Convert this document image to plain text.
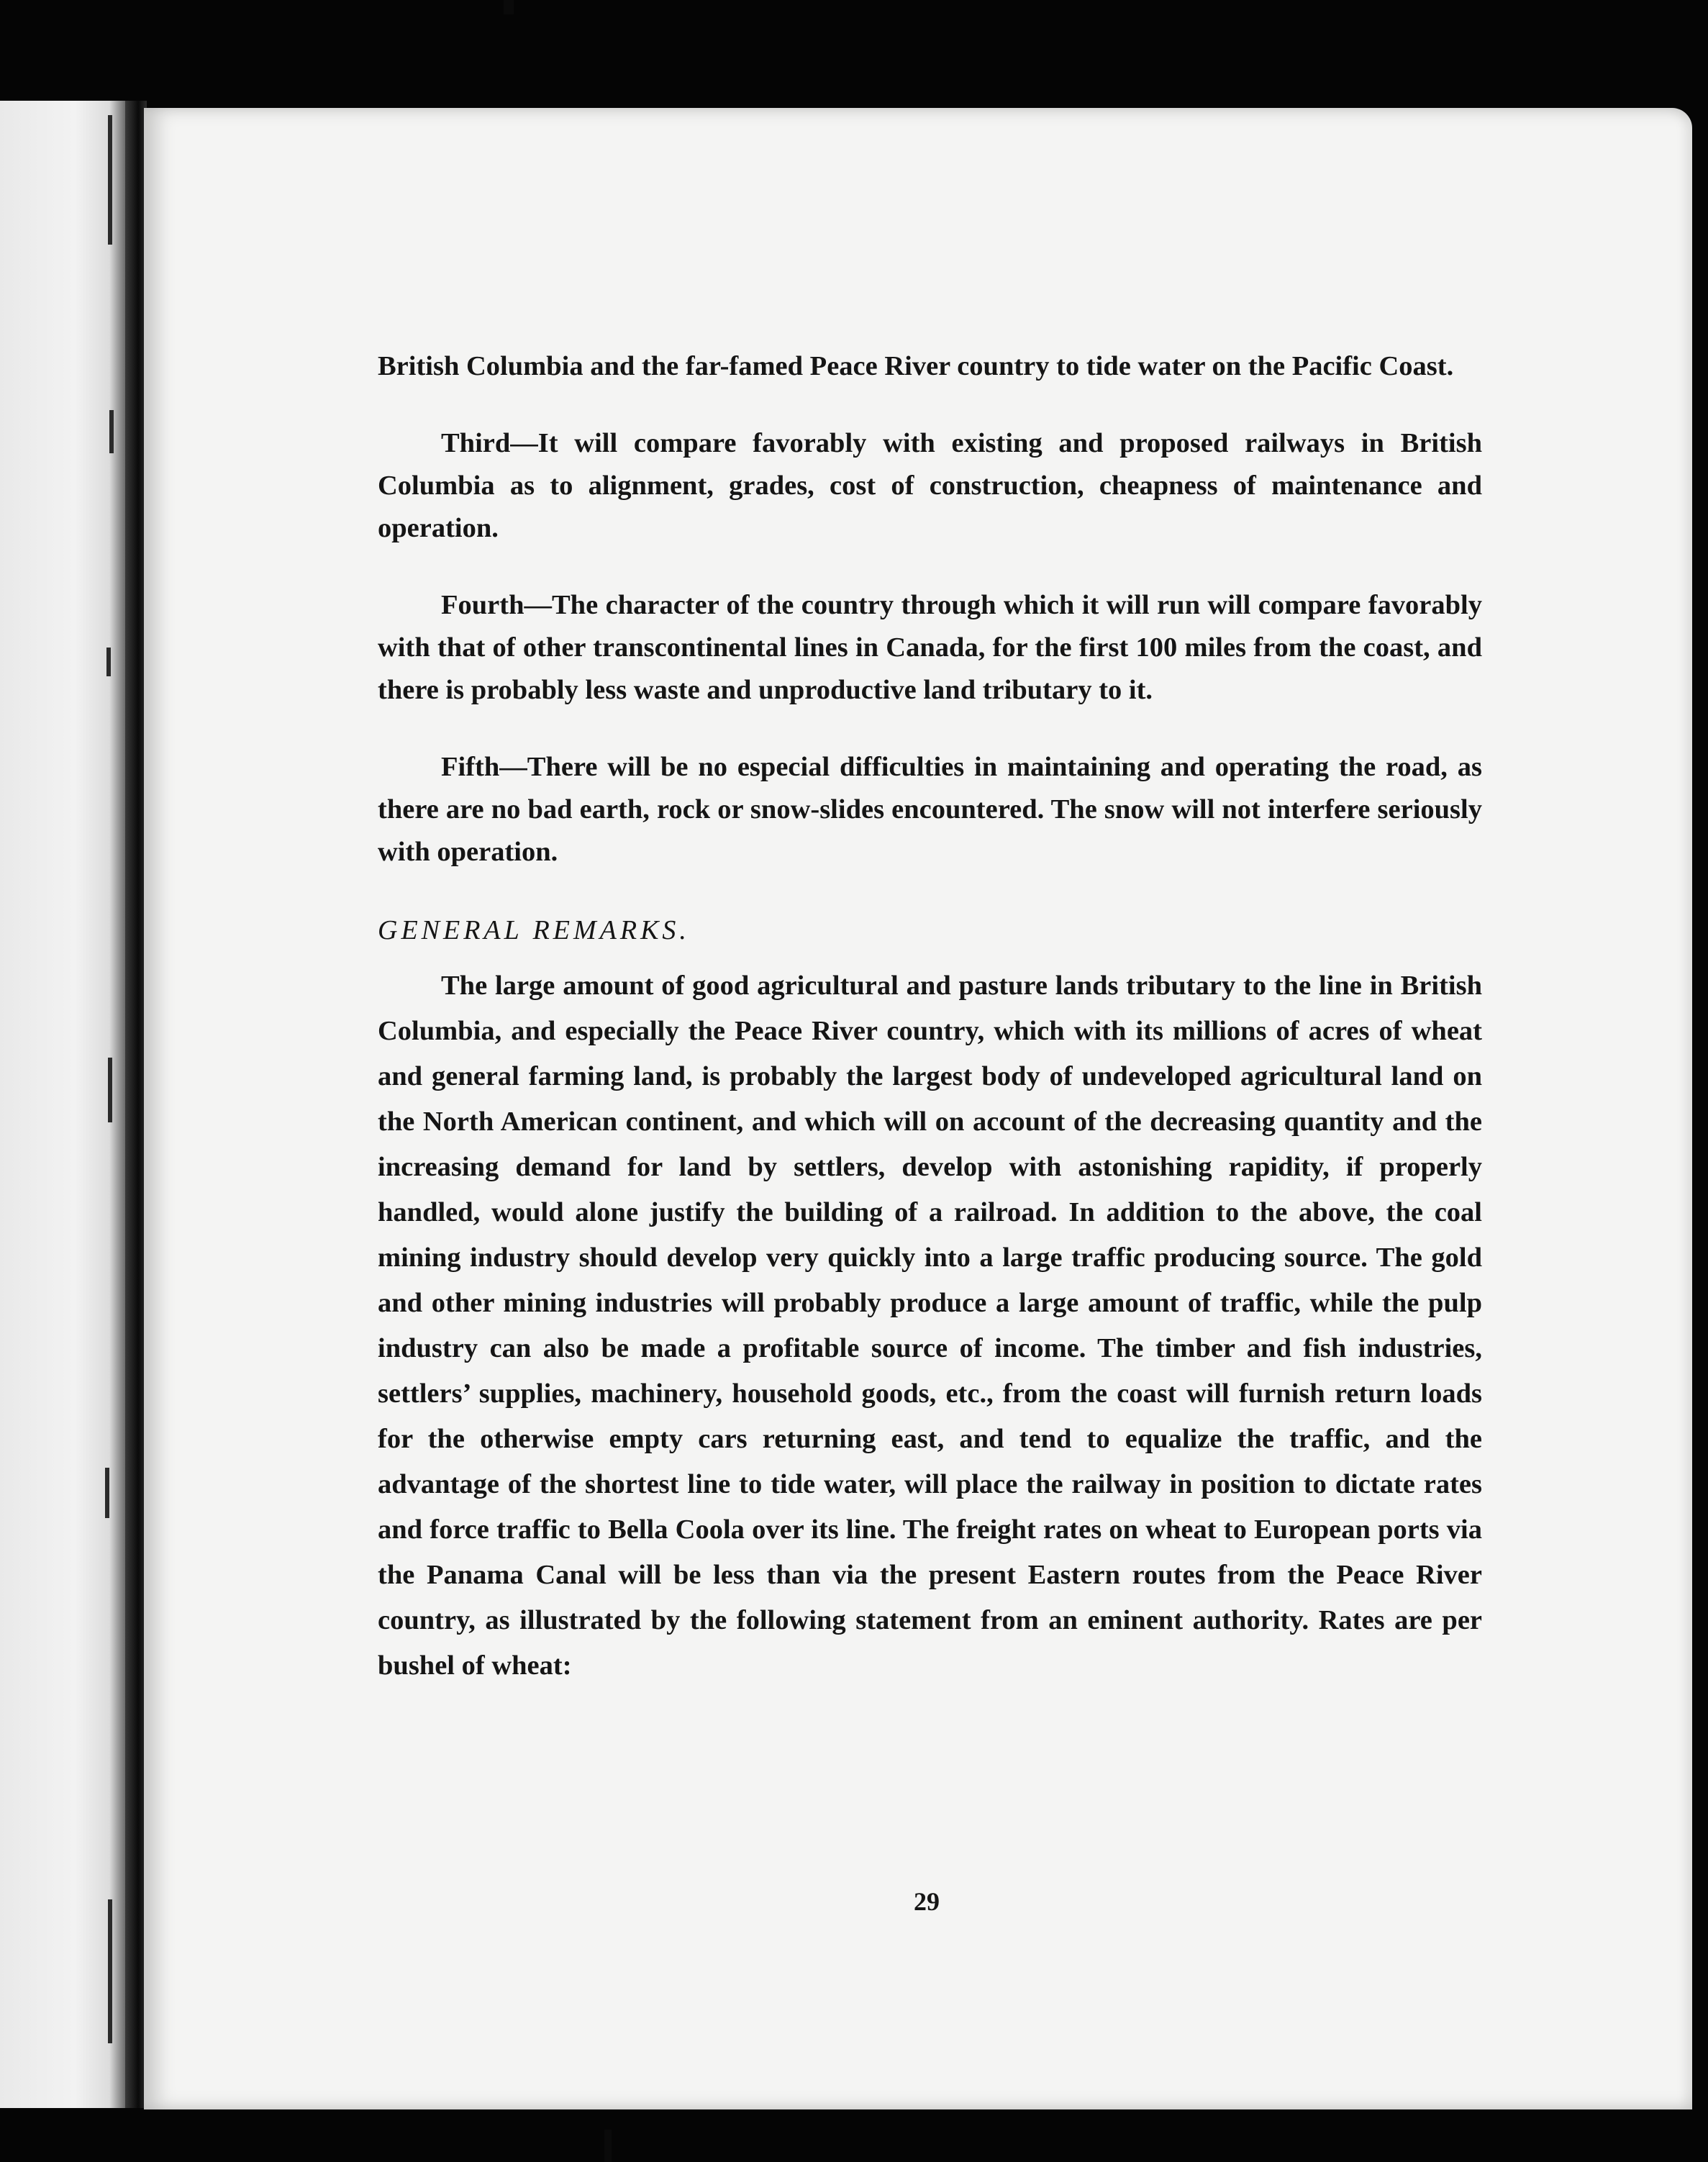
British Columbia and the far-famed Peace River country to tide water on the Pacific Coast.

Third—It will compare favorably with existing and proposed railways in British Columbia as to alignment, grades, cost of construction, cheapness of maintenance and operation.

Fourth—The character of the country through which it will run will compare favorably with that of other transcontinental lines in Canada, for the first 100 miles from the coast, and there is probably less waste and unproductive land tributary to it.

Fifth—There will be no especial difficulties in maintaining and operating the road, as there are no bad earth, rock or snow-slides encountered. The snow will not interfere seriously with operation.

GENERAL REMARKS.

The large amount of good agricultural and pasture lands tributary to the line in British Columbia, and especially the Peace River country, which with its millions of acres of wheat and general farming land, is probably the largest body of undeveloped agricultural land on the North American continent, and which will on account of the decreasing quantity and the increasing demand for land by settlers, develop with astonishing rapidity, if properly handled, would alone justify the building of a railroad. In addition to the above, the coal mining industry should develop very quickly into a large traffic producing source. The gold and other mining industries will probably produce a large amount of traffic, while the pulp industry can also be made a profitable source of income. The timber and fish industries, settlers’ supplies, machinery, household goods, etc., from the coast will furnish return loads for the otherwise empty cars returning east, and tend to equalize the traffic, and the advantage of the shortest line to tide water, will place the railway in position to dictate rates and force traffic to Bella Coola over its line. The freight rates on wheat to European ports via the Panama Canal will be less than via the present Eastern routes from the Peace River country, as illustrated by the following statement from an eminent authority. Rates are per bushel of wheat:

29
